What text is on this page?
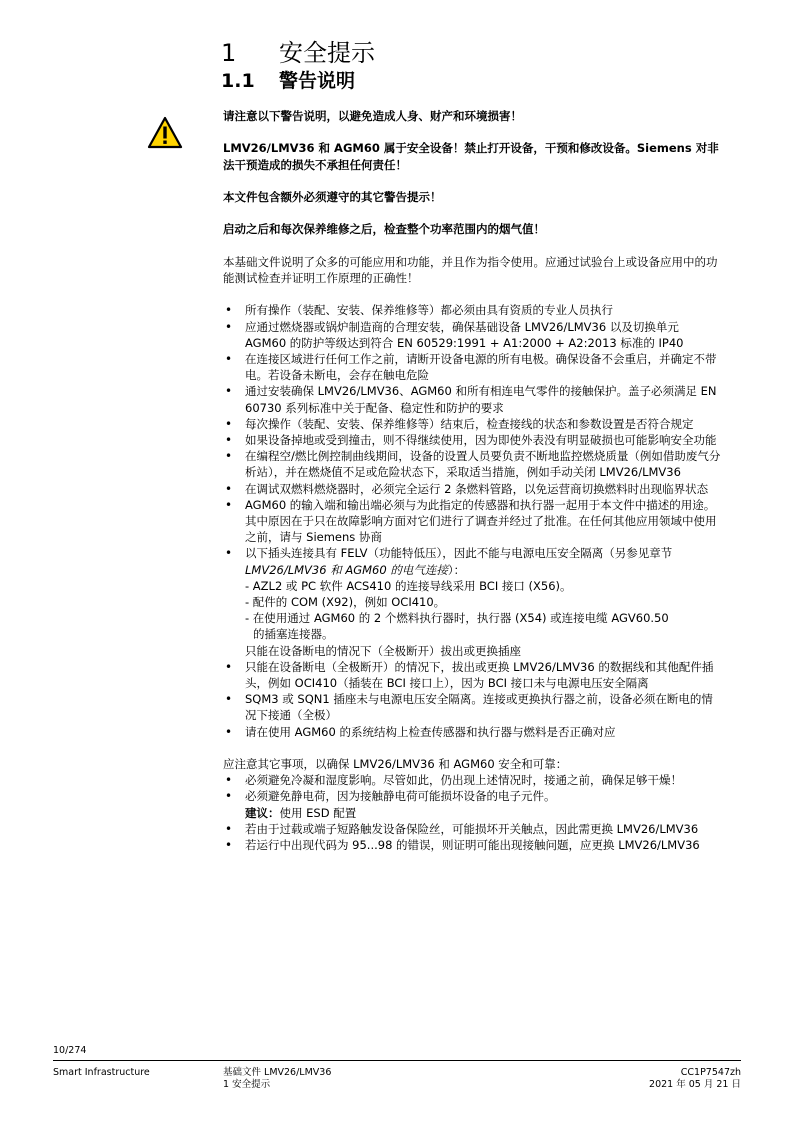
1 安全提示
1.1 警告说明

请注意以下警告说明，以避免造成人身、财产和环境损害！

LMV26/LMV36 和 AGM60 属于安全设备！禁止打开设备，干预和修改设备。Siemens 对非法干预造成的损失不承担任何责任！

本文件包含额外必须遵守的其它警告提示！

启动之后和每次保养维修之后，检查整个功率范围内的烟气值！

本基础文件说明了众多的可能应用和功能，并且作为指令使用。应通过试验台上或设备应用中的功能测试检查并证明工作原理的正确性！

• 所有操作（装配、安装、保养维修等）都必须由具有资质的专业人员执行
• 应通过燃烧器或锅炉制造商的合理安装，确保基础设备 LMV26/LMV36 以及切换单元 AGM60 的防护等级达到符合 EN 60529:1991 + A1:2000 + A2:2013 标准的 IP40
• 在连接区域进行任何工作之前，请断开设备电源的所有电极。确保设备不会重启，并确定不带电。若设备未断电，会存在触电危险
• 通过安装确保 LMV26/LMV36、AGM60 和所有相连电气零件的接触保护。盖子必须满足 EN 60730 系列标准中关于配备、稳定性和防护的要求
• 每次操作（装配、安装、保养维修等）结束后，检查接线的状态和参数设置是否符合规定
• 如果设备掉地或受到撞击，则不得继续使用，因为即使外表没有明显破损也可能影响安全功能
• 在编程空/燃比例控制曲线期间，设备的设置人员要负责不断地监控燃烧质量（例如借助废气分析站），并在燃烧值不足或危险状态下，采取适当措施，例如手动关闭 LMV26/LMV36
• 在调试双燃料燃烧器时，必须完全运行 2 条燃料管路，以免运营商切换燃料时出现临界状态
• AGM60 的输入端和输出端必须与为此指定的传感器和执行器一起用于本文件中描述的用途。其中原因在于只在故障影响方面对它们进行了调查并经过了批准。在任何其他应用领域中使用之前，请与 Siemens 协商
• 以下插头连接具有 FELV（功能特低压），因此不能与电源电压安全隔离（另参见章节 LMV26/LMV36 和 AGM60 的电气连接）：
- AZL2 或 PC 软件 ACS410 的连接导线采用 BCI 接口 (X56)。
- 配件的 COM (X92)，例如 OCI410。
- 在使用通过 AGM60 的 2 个燃料执行器时，执行器 (X54) 或连接电缆 AGV60.50
的插塞连接器。
只能在设备断电的情况下（全极断开）拔出或更换插座
• 只能在设备断电（全极断开）的情况下，拔出或更换 LMV26/LMV36 的数据线和其他配件插头，例如 OCI410（插装在 BCI 接口上），因为 BCI 接口未与电源电压安全隔离
• SQM3 或 SQN1 插座未与电源电压安全隔离。连接或更换执行器之前，设备必须在断电的情况下接通（全极）
• 请在使用 AGM60 的系统结构上检查传感器和执行器与燃料是否正确对应

应注意其它事项，以确保 LMV26/LMV36 和 AGM60 安全和可靠：

• 必须避免冷凝和湿度影响。尽管如此，仍出现上述情况时，接通之前，确保足够干燥！
• 必须避免静电荷，因为接触静电荷可能损坏设备的电子元件。
建议：使用 ESD 配置
• 若由于过载或端子短路触发设备保险丝，可能损坏开关触点，因此需更换 LMV26/LMV36
• 若运行中出现代码为 95...98 的错误，则证明可能出现接触问题，应更换 LMV26/LMV36
10/274
Smart Infrastructure	基础文件 LMV26/LMV36
1 安全提示
CC1P7547zh
2021 年 05 月 21 日
